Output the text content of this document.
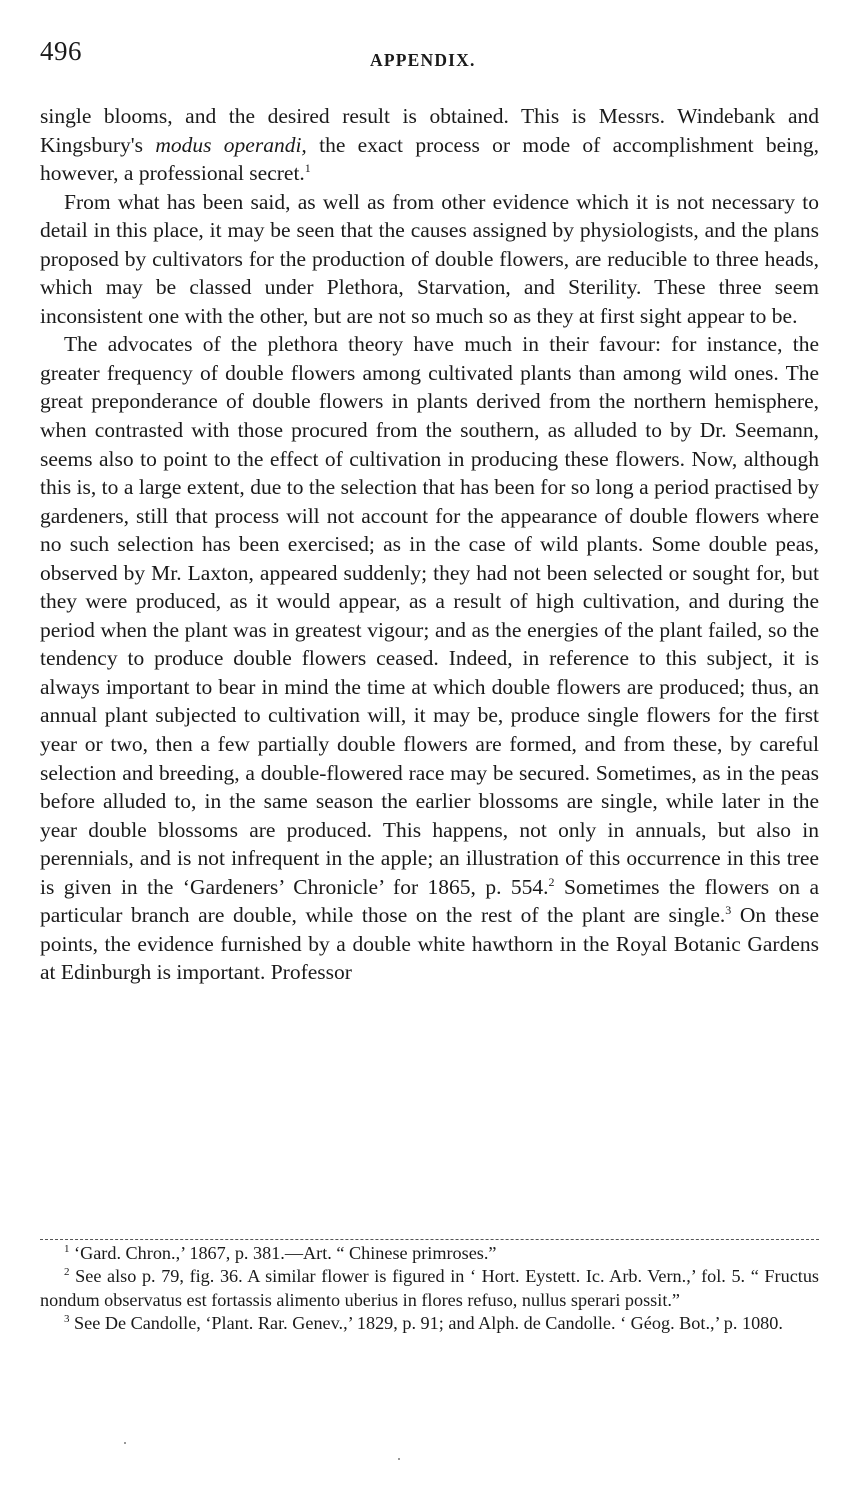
496	APPENDIX.

single blooms, and the desired result is obtained. This is Messrs. Windebank and Kingsbury's modus operandi, the exact process or mode of accomplishment being, however, a professional secret.$^1$

From what has been said, as well as from other evidence which it is not necessary to detail in this place, it may be seen that the causes assigned by physiologists, and the plans proposed by cultivators for the production of double flowers, are reducible to three heads, which may be classed under Plethora, Starvation, and Sterility. These three seem inconsistent one with the other, but are not so much so as they at first sight appear to be.

The advocates of the plethora theory have much in their favour: for instance, the greater frequency of double flowers among cultivated plants than among wild ones. The great preponderance of double flowers in plants derived from the northern hemisphere, when contrasted with those procured from the southern, as alluded to by Dr. Seemann, seems also to point to the effect of cultivation in producing these flowers. Now, although this is, to a large extent, due to the selection that has been for so long a period practised by gardeners, still that process will not account for the appearance of double flowers where no such selection has been exercised; as in the case of wild plants. Some double peas, observed by Mr. Laxton, appeared suddenly; they had not been selected or sought for, but they were produced, as it would appear, as a result of high cultivation, and during the period when the plant was in greatest vigour; and as the energies of the plant failed, so the tendency to produce double flowers ceased. Indeed, in reference to this subject, it is always important to bear in mind the time at which double flowers are produced; thus, an annual plant subjected to cultivation will, it may be, produce single flowers for the first year or two, then a few partially double flowers are formed, and from these, by careful selection and breeding, a double-flowered race may be secured. Sometimes, as in the peas before alluded to, in the same season the earlier blossoms are single, while later in the year double blossoms are produced. This happens, not only in annuals, but also in perennials, and is not infrequent in the apple; an illustration of this occurrence in this tree is given in the ‘Gardeners’ Chronicle’ for 1865, p. 554.$^2$ Sometimes the flowers on a particular branch are double, while those on the rest of the plant are single.$^3$ On these points, the evidence furnished by a double white hawthorn in the Royal Botanic Gardens at Edinburgh is important. Professor

$^1$ ‘Gard. Chron.,’ 1867, p. 381.—Art. “ Chinese primroses.”

$^2$ See also p. 79, fig. 36. A similar flower is figured in ‘ Hort. Eystett. Ic. Arb. Vern.,’ fol. 5. “ Fructus nondum observatus est fortassis alimento uberius in flores refuso, nullus sperari possit.”

$^3$ See De Candolle, ‘Plant. Rar. Genev.,’ 1829, p. 91; and Alph. de Candolle. ‘ Géog. Bot.,’ p. 1080.
